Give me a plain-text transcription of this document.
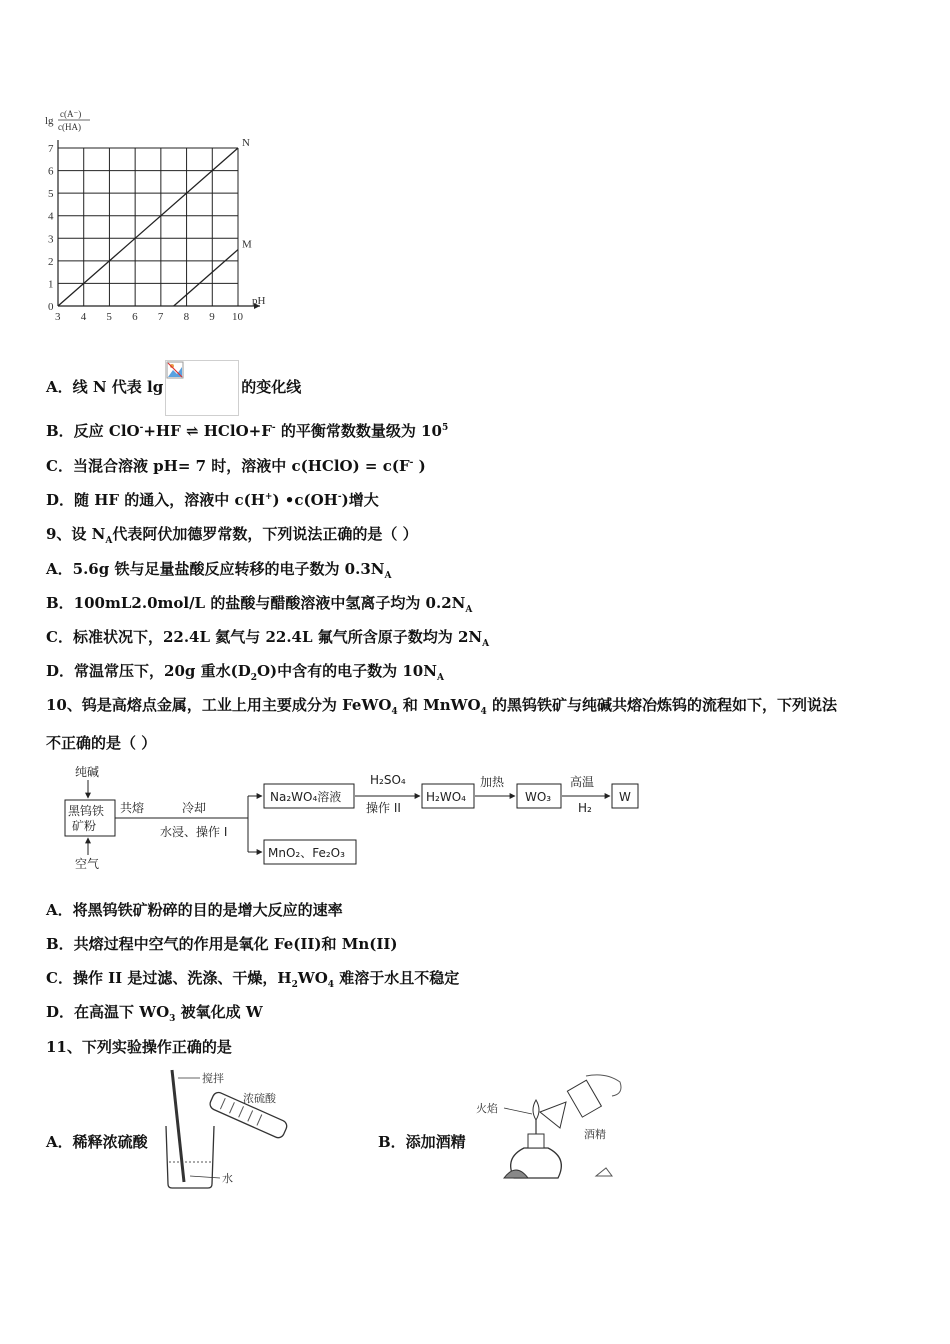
lg
c(A⁻)
c(HA)
3 4 5 6 7 8 9 10
0
1
2
3
4
5
6
7	N
M
pH
A．线 N 代表 lg	的变化线
B．反应 ClO-+HF ⇌ HClO+F- 的平衡常数数量级为 $10^5$
C．当混合溶液 pH= 7 时，溶液中 c(HClO) = c(F- )
D．随 HF 的通入，溶液中 c(H+) •c(OH-)增大
9、设 $N_A$代表阿伏加德罗常数，下列说法正确的是（ ）
A．5.6g 铁与足量盐酸反应转移的电子数为 $0.3N_A$
B．100mL2.0mol/L 的盐酸与醋酸溶液中氢离子均为 $0.2N_A$
C．标准状况下，22.4L 氦气与 22.4L 氟气所含原子数均为 $2N_A$
D．常温常压下，20g 重水$(D_2O)$中含有的电子数为 $10N_A$
10、钨是高熔点金属，工业上用主要成分为 FeWO$_4$ 和 MnWO$_4$ 的黑钨铁矿与纯碱共熔冶炼钨的流程如下，下列说法
不正确的是（ ）
纯碱
黑钨铁
矿粉
空气
共熔	冷却
水浸、操作 I
Na₂WO₄溶液
MnO₂、Fe₂O₃
H₂SO₄
操作 II
H₂WO₄
加热
WO₃
高温
H₂
W
A．将黑钨铁矿粉碎的目的是增大反应的速率
B．共熔过程中空气的作用是氧化 Fe(II)和 Mn(II)
C．操作 II 是过滤、洗涤、干燥，$H_2WO_4$ 难溶于水且不稳定
D．在高温下 $WO_3$ 被氧化成 W
11、下列实验操作正确的是
A．稀释浓硫酸	B．添加酒精
搅拌
浓硫酸
水
火焰
酒精
